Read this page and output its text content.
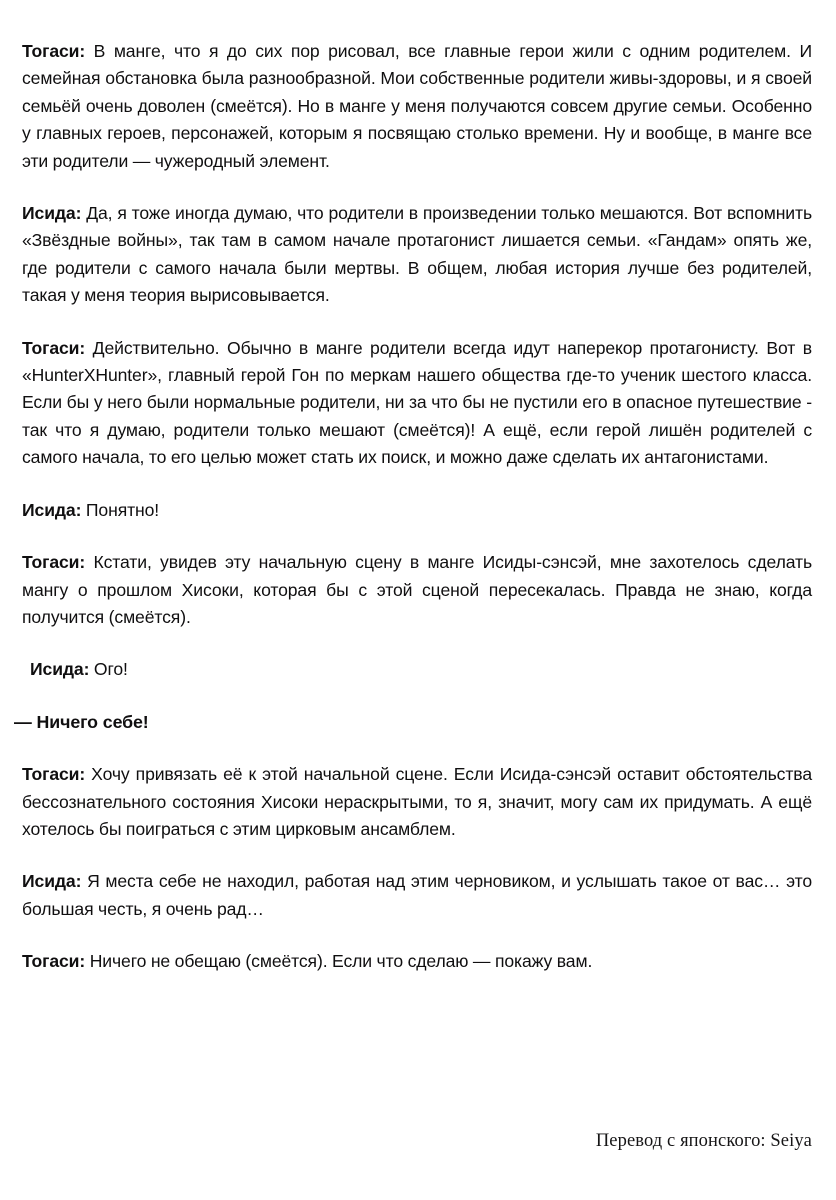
Тогаси: В манге, что я до сих пор рисовал, все главные герои жили с одним родителем. И семейная обстановка была разнообразной. Мои собственные родители живы-здоровы, и я своей семьёй очень доволен (смеётся). Но в манге у меня получаются совсем другие семьи. Особенно у главных героев, персонажей, которым я посвящаю столько времени. Ну и вообще, в манге все эти родители — чужеродный элемент.

Исида: Да, я тоже иногда думаю, что родители в произведении только мешаются. Вот вспомнить «Звёздные войны», так там в самом начале протагонист лишается семьи. «Гандам» опять же, где родители с самого начала были мертвы. В общем, любая история лучше без родителей, такая у меня теория вырисовывается.

Тогаси: Действительно. Обычно в манге родители всегда идут наперекор протагонисту. Вот в «HunterXHunter», главный герой Гон по меркам нашего общества где-то ученик шестого класса. Если бы у него были нормальные родители, ни за что бы не пустили его в опасное путешествие - так что я думаю, родители только мешают (смеётся)! А ещё, если герой лишён родителей с самого начала, то его целью может стать их поиск, и можно даже сделать их антагонистами.

Исида: Понятно!

Тогаси: Кстати, увидев эту начальную сцену в манге Исиды-сэнсэй, мне захотелось сделать мангу о прошлом Хисоки, которая бы с этой сценой пересекалась. Правда не знаю, когда получится (смеётся).

Исида: Ого!

— Ничего себе!

Тогаси: Хочу привязать её к этой начальной сцене. Если Исида-сэнсэй оставит обстоятельства бессознательного состояния Хисоки нераскрытыми, то я, значит, могу сам их придумать. А ещё хотелось бы поиграться с этим цирковым ансамблем.

Исида: Я места себе не находил, работая над этим черновиком, и услышать такое от вас… это большая честь, я очень рад…

Тогаси: Ничего не обещаю (смеётся). Если что сделаю — покажу вам.

Перевод с японского: Seiya
